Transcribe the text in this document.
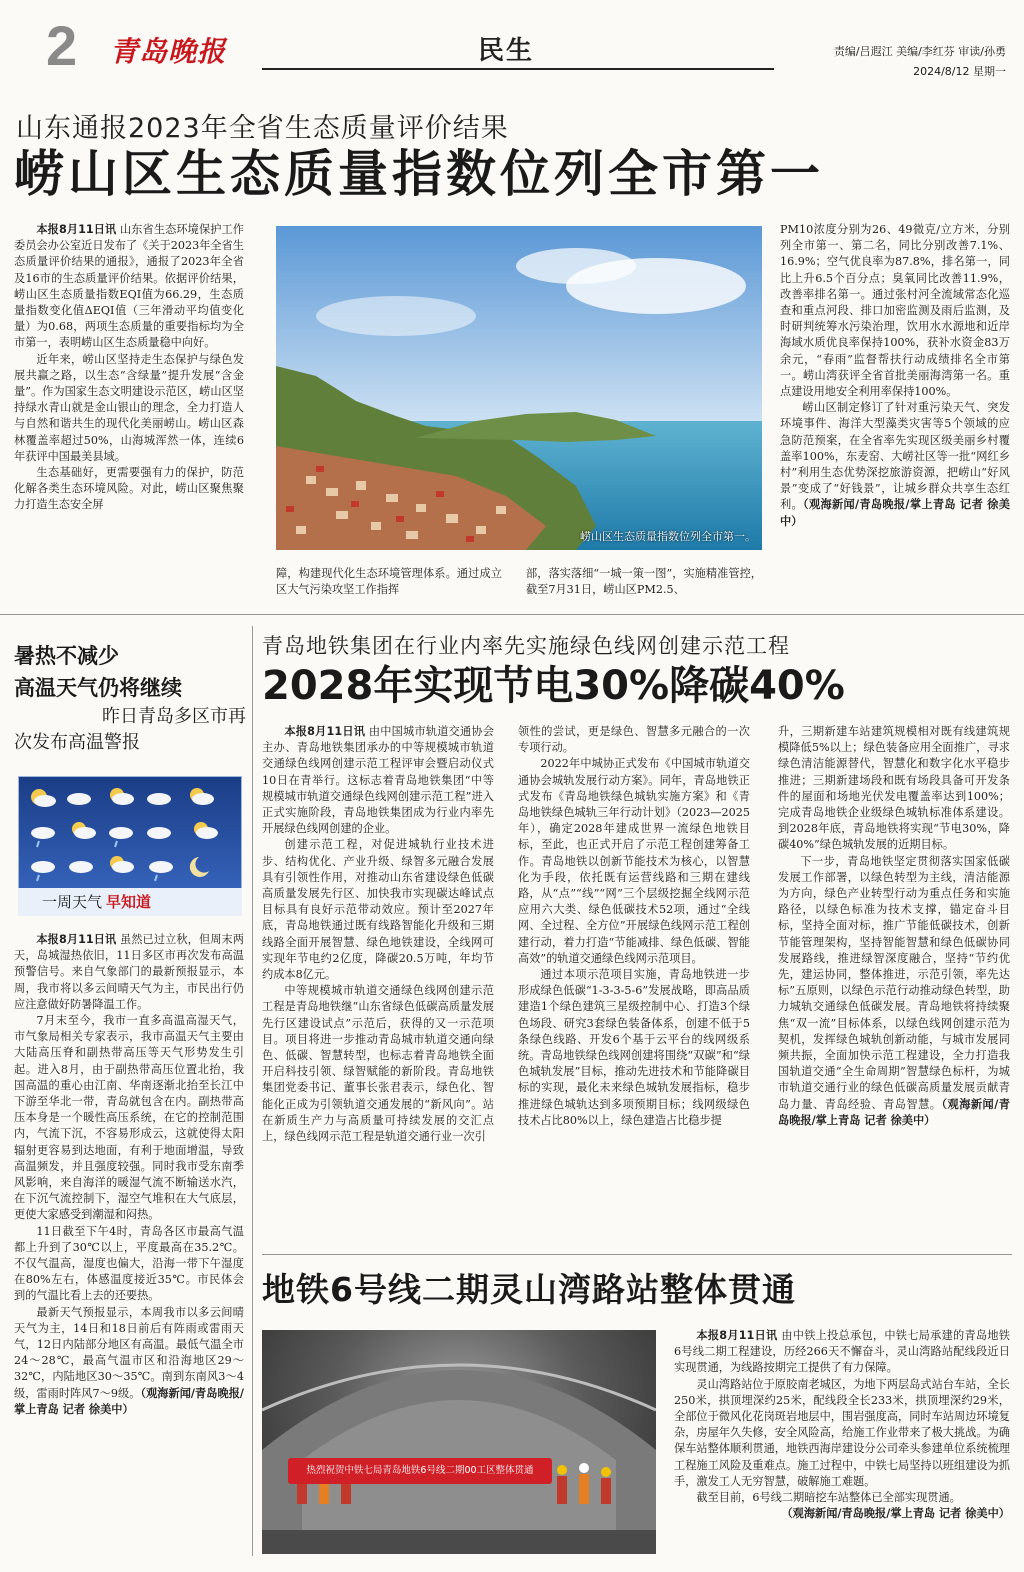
2 青岛晚报	民生	责编/吕遐江 美编/李红芬 审读/孙勇
2024/8/12 星期一
山东通报2023年全省生态质量评价结果
崂山区生态质量指数位列全市第一

本报8月11日讯 山东省生态环境保护工作委员会办公室近日发布了《关于2023年全省生态质量评价结果的通报》，通报了2023年全省及16市的生态质量评价结果。依据评价结果，崂山区生态质量指数EQI值为66.29，生态质量指数变化值ΔEQI值（三年滑动平均值变化量）为0.68，两项生态质量的重要指标均为全市第一，表明崂山区生态质量稳中向好。

近年来，崂山区坚持走生态保护与绿色发展共赢之路，以生态“含绿量”提升发展“含金量”。作为国家生态文明建设示范区，崂山区坚持绿水青山就是金山银山的理念，全力打造人与自然和谐共生的现代化美丽崂山。崂山区森林覆盖率超过50%，山海城浑然一体，连续6年获评中国最美县域。

生态基础好，更需要强有力的保护，防范化解各类生态环境风险。对此，崂山区聚焦聚力打造生态安全屏

崂山区生态质量指数位列全市第一。

障，构建现代化生态环境管理体系。通过成立区大气污染攻坚工作指挥

部，落实落细“一城一策一图”，实施精准管控，截至7月31日，崂山区PM2.5、

PM10浓度分别为26、49微克/立方米，分别列全市第一、第二名，同比分别改善7.1%、16.9%；空气优良率为87.8%，排名第一，同比上升6.5个百分点；臭氧同比改善11.9%，改善率排名第一。通过张村河全流域常态化巡查和重点河段、排口加密监测及雨后监测，及时研判统筹水污染治理，饮用水水源地和近岸海域水质优良率保持100%，获补水资金83万余元，“春雨”监督帮扶行动成绩排名全市第一。崂山湾获评全省首批美丽海湾第一名。重点建设用地安全利用率保持100%。

崂山区制定修订了针对重污染天气、突发环境事件、海洋大型藻类灾害等5个领域的应急防范预案，在全省率先实现区级美丽乡村覆盖率100%，东麦窑、大崂社区等一批“网红乡村”利用生态优势深挖旅游资源，把崂山“好风景”变成了“好钱景”，让城乡群众共享生态红利。（观海新闻/青岛晚报/掌上青岛 记者 徐美中）

暑热不减少
高温天气仍将继续
昨日青岛多区市再
次发布高温警报
一周天气 早知道

本报8月11日讯 虽然已过立秋，但周末两天，岛城湿热依旧，11日多区市再次发布高温预警信号。来自气象部门的最新预报显示，本周，我市将以多云间晴天气为主，市民出行仍应注意做好防暑降温工作。

7月末至今，我市一直多高温高湿天气，市气象局相关专家表示，我市高温天气主要由大陆高压脊和副热带高压等天气形势发生引起。进入8月，由于副热带高压位置北抬，我国高温的重心由江南、华南逐渐北抬至长江中下游至华北一带，青岛就包含在内。副热带高压本身是一个暖性高压系统，在它的控制范围内，气流下沉，不容易形成云，这就使得太阳辐射更容易到达地面，有利于地面增温，导致高温频发，并且强度较强。同时我市受东南季风影响，来自海洋的暖湿气流不断输送水汽，在下沉气流控制下，湿空气堆积在大气底层，更使大家感受到潮湿和闷热。

11日截至下午4时，青岛各区市最高气温都上升到了30℃以上，平度最高在35.2℃。不仅气温高，湿度也偏大，沿海一带下午湿度在80%左右，体感温度接近35℃。市民体会到的气温比看上去的还要热。

最新天气预报显示，本周我市以多云间晴天气为主，14日和18日前后有阵雨或雷雨天气，12日内陆部分地区有高温。最低气温全市24～28℃，最高气温市区和沿海地区29～32℃，内陆地区30～35℃。南到东南风3～4级，雷雨时阵风7～9级。（观海新闻/青岛晚报/掌上青岛 记者 徐美中）

青岛地铁集团在行业内率先实施绿色线网创建示范工程
2028年实现节电30%降碳40%

本报8月11日讯 由中国城市轨道交通协会主办、青岛地铁集团承办的中等规模城市轨道交通绿色线网创建示范工程评审会暨启动仪式10日在青举行。这标志着青岛地铁集团“中等规模城市轨道交通绿色线网创建示范工程”进入正式实施阶段，青岛地铁集团成为行业内率先开展绿色线网创建的企业。

创建示范工程，对促进城轨行业技术进步、结构优化、产业升级、绿智多元融合发展具有引领性作用，对推动山东省建设绿色低碳高质量发展先行区、加快我市实现碳达峰试点目标具有良好示范带动效应。预计至2027年底，青岛地铁通过既有线路智能化升级和三期线路全面开展智慧、绿色地铁建设，全线网可实现年节电约2亿度，降碳20.5万吨，年均节约成本8亿元。

中等规模城市轨道交通绿色线网创建示范工程是青岛地铁继“山东省绿色低碳高质量发展先行区建设试点”示范后，获得的又一示范项目。项目将进一步推动青岛城市轨道交通向绿色、低碳、智慧转型，也标志着青岛地铁全面开启科技引领、绿智赋能的新阶段。青岛地铁集团党委书记、董事长张君表示，绿色化、智能化正成为引领轨道交通发展的“新风向”。站在新质生产力与高质量可持续发展的交汇点上，绿色线网示范工程是轨道交通行业一次引

领性的尝试，更是绿色、智慧多元融合的一次专项行动。

2022年中城协正式发布《中国城市轨道交通协会城轨发展行动方案》。同年，青岛地铁正式发布《青岛地铁绿色城轨实施方案》和《青岛地铁绿色城轨三年行动计划》（2023—2025年），确定2028年建成世界一流绿色地铁目标，至此，也正式开启了示范工程创建筹备工作。青岛地铁以创新节能技术为核心，以智慧化为手段，依托既有运营线路和三期在建线路，从“点”“线”“网”三个层级挖掘全线网示范应用六大类、绿色低碳技术52项，通过“全线网、全过程、全方位”开展绿色线网示范工程创建行动，着力打造“节能减排、绿色低碳、智能高效”的轨道交通绿色线网示范项目。

通过本项示范项目实施，青岛地铁进一步形成绿色低碳“1-3-3-5-6”发展战略，即高品质建造1个绿色建筑三星级控制中心、打造3个绿色场段、研究3套绿色装备体系，创建不低于5条绿色线路、开发6个基于云平台的线网级系统。青岛地铁绿色线网创建将围绕“双碳”和“绿色城轨发展”目标，推动先进技术和节能降碳目标的实现，最化未来绿色城轨发展指标，稳步推进绿色城轨达到多项预期目标；线网级绿色技术占比80%以上，绿色建造占比稳步提

升，三期新建车站建筑规模相对既有线建筑规模降低5%以上；绿色装备应用全面推广，寻求绿色清洁能源替代，智慧化和数字化水平稳步推进；三期新建场段和既有场段具备可开发条件的屋面和场地光伏发电覆盖率达到100%；完成青岛地铁企业级绿色城轨标准体系建设。到2028年底，青岛地铁将实现“节电30%，降碳40%”绿色城轨发展的近期目标。

下一步，青岛地铁坚定贯彻落实国家低碳发展工作部署，以绿色转型为主线，清洁能源为方向，绿色产业转型行动为重点任务和实施路径，以绿色标准为技术支撑，锚定奋斗目标，坚持全面对标，推广节能低碳技术，创新节能管理架构，坚持智能智慧和绿色低碳协同发展路线，推进绿智深度融合，坚持“节约优先，建运协同，整体推进，示范引领，率先达标”五原则，以绿色示范行动推动绿色转型，助力城轨交通绿色低碳发展。青岛地铁将持续聚焦“双一流”目标体系，以绿色线网创建示范为契机，发挥绿色城轨创新动能，与城市发展同频共振，全面加快示范工程建设，全力打造我国轨道交通“全生命周期”智慧绿色标杆，为城市轨道交通行业的绿色低碳高质量发展贡献青岛力量、青岛经验、青岛智慧。（观海新闻/青岛晚报/掌上青岛 记者 徐美中）

地铁6号线二期灵山湾路站整体贯通
热烈祝贺中铁七局青岛地铁6号线二期00工区整体贯通

本报8月11日讯 由中铁上投总承包，中铁七局承建的青岛地铁6号线二期工程建设，历经266天不懈奋斗，灵山湾路站配线段近日实现贯通，为线路按期完工提供了有力保障。

灵山湾路站位于原胶南老城区，为地下两层岛式站台车站，全长250米，拱顶埋深约25米，配线段全长233米，拱顶埋深约29米，全部位于微风化花岗斑岩地层中，围岩强度高，同时车站周边环境复杂，房屋年久失修，安全风险高，给施工作业带来了极大挑战。为确保车站整体顺利贯通，地铁西海岸建设分公司牵头参建单位系统梳理工程施工风险及重难点。施工过程中，中铁七局坚持以班组建设为抓手，激发工人无穷智慧，破解施工难题。

截至目前，6号线二期暗挖车站整体已全部实现贯通。

（观海新闻/青岛晚报/掌上青岛 记者 徐美中）
